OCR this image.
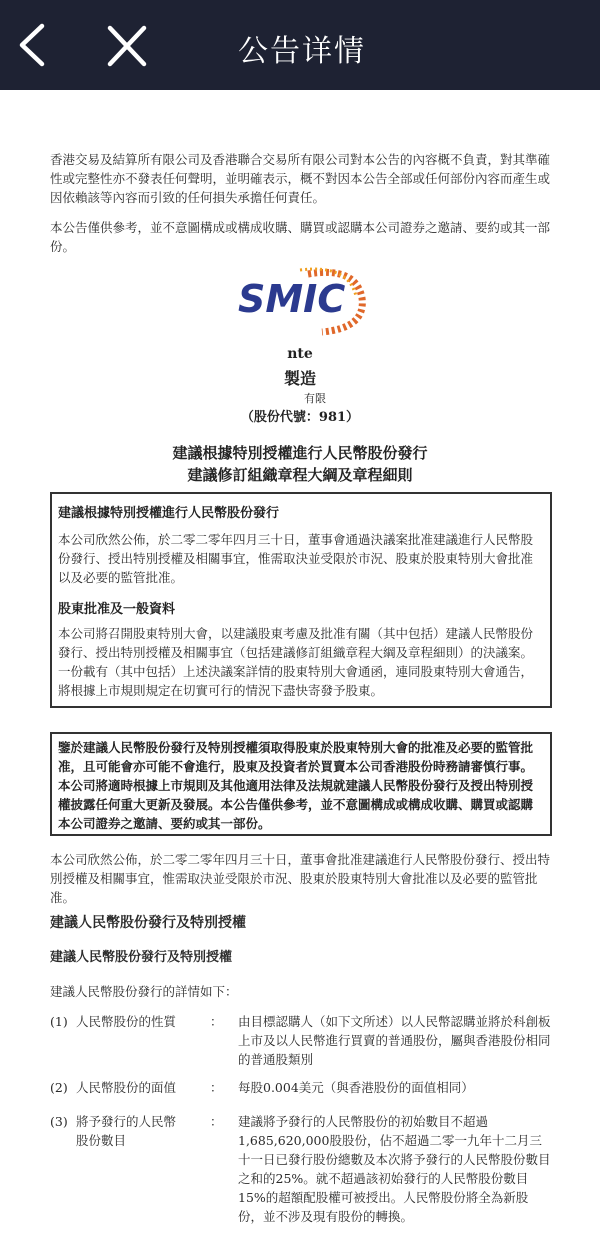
公告详情
香港交易及結算所有限公司及香港聯合交易所有限公司對本公告的內容概不負責，對其準確性或完整性亦不發表任何聲明，並明確表示，概不對因本公告全部或任何部份內容而產生或因依賴該等內容而引致的任何損失承擔任何責任。
本公告僅供參考，並不意圖構成或構成收購、購買或認購本公司證券之邀請、要約或其一部份。
SMIC
nte
製造
有限
（股份代號：981）
建議根據特別授權進行人民幣股份發行
建議修訂組織章程大綱及章程細則
建議根據特別授權進行人民幣股份發行
本公司欣然公佈，於二零二零年四月三十日，董事會通過決議案批准建議進行人民幣股份發行、授出特別授權及相關事宜，惟需取決並受限於市況、股東於股東特別大會批准以及必要的監管批准。
股東批准及一般資料
本公司將召開股東特別大會，以建議股東考慮及批准有關（其中包括）建議人民幣股份發行、授出特別授權及相關事宜（包括建議修訂組織章程大綱及章程細則）的決議案。一份載有（其中包括）上述決議案詳情的股東特別大會通函，連同股東特別大會通告，將根據上市規則規定在切實可行的情況下盡快寄發予股東。
鑒於建議人民幣股份發行及特別授權須取得股東於股東特別大會的批准及必要的監管批准，且可能會亦可能不會進行，股東及投資者於買賣本公司香港股份時務請審慎行事。本公司將適時根據上市規則及其他適用法律及法規就建議人民幣股份發行及授出特別授權披露任何重大更新及發展。本公告僅供參考，並不意圖構成或構成收購、購買或認購本公司證券之邀請、要約或其一部份。
本公司欣然公佈，於二零二零年四月三十日，董事會批准建議進行人民幣股份發行、授出特別授權及相關事宜，惟需取決並受限於市況、股東於股東特別大會批准以及必要的監管批准。
建議人民幣股份發行及特別授權
建議人民幣股份發行及特別授權
建議人民幣股份發行的詳情如下：
(1) 人民幣股份的性質	： 由目標認購人（如下文所述）以人民幣認購並將於科創板上市及以人民幣進行買賣的普通股份，屬與香港股份相同的普通股類別
(2) 人民幣股份的面值	： 每股0.004美元（與香港股份的面值相同）
(3) 將予發行的人民幣
股份數目
： 建議將予發行的人民幣股份的初始數目不超過1,685,620,000股股份，佔不超過二零一九年十二月三十一日已發行股份總數及本次將予發行的人民幣股份數目之和的25%。就不超過該初始發行的人民幣股份數目15%的超額配股權可被授出。人民幣股份將全為新股份，並不涉及現有股份的轉換。
